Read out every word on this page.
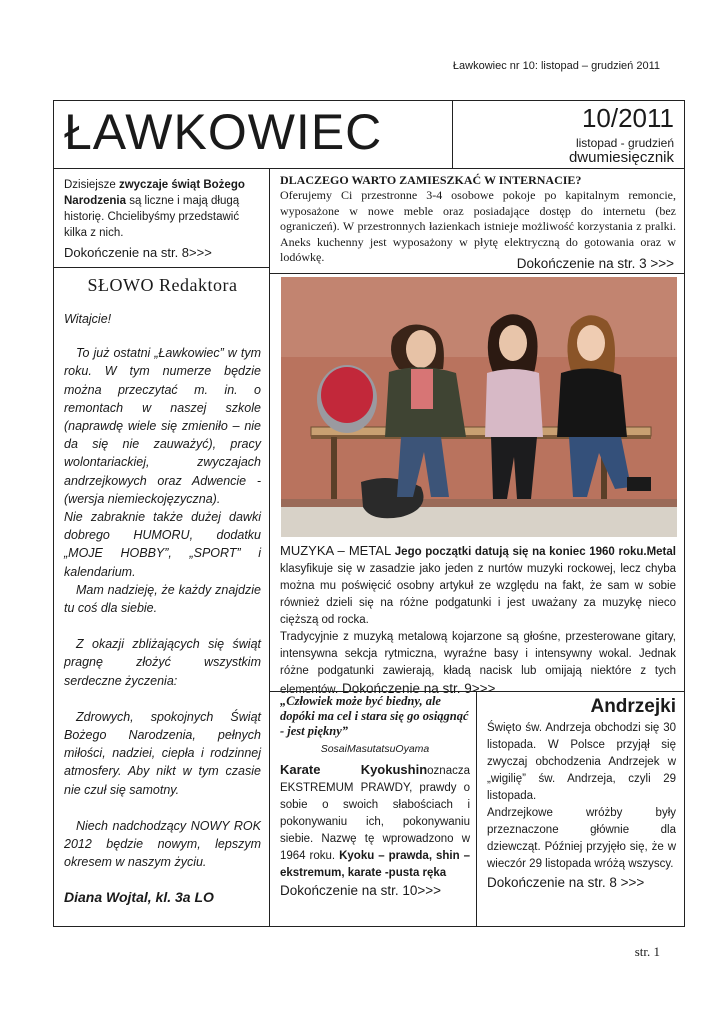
Ławkowiec nr 10: listopad – grudzień 2011
ŁAWKOWIEC	10/2011
listopad - grudzień
dwumiesięcznik
Dzisiejsze zwyczaje świąt Bożego Narodzenia są liczne i mają długą historię. Chcielibyśmy przedstawić kilka z nich.
Dokończenie na str. 8>>>
SŁOWO Redaktora

Witajcie!

To już ostatni „Ławkowiec” w tym roku. W tym numerze będzie można przeczytać m. in. o remontach w naszej szkole (naprawdę wiele się zmieniło – nie da się nie zauważyć), pracy wolontariackiej, zwyczajach andrzejkowych oraz Adwencie - (wersja niemieckojęzyczna).

Nie zabraknie także dużej dawki dobrego HUMORU, dodatku „MOJE HOBBY”, „SPORT” i kalendarium.

Mam nadzieję, że każdy znajdzie tu coś dla siebie.

Z okazji zbliżających się świąt pragnę złożyć wszystkim serdeczne życzenia:

Zdrowych, spokojnych Świąt Bożego Narodzenia, pełnych miłości, nadziei, ciepła i rodzinnej atmosfery. Aby nikt w tym czasie nie czuł się samotny.

Niech nadchodzący NOWY ROK 2012 będzie nowym, lepszym okresem w naszym życiu.

Diana Wojtal, kl. 3a LO
DLACZEGO WARTO ZAMIESZKAĆ W INTERNACIE?

Oferujemy Ci przestronne 3-4 osobowe pokoje po kapitalnym remoncie, wyposażone w nowe meble oraz posiadające dostęp do internetu (bez ograniczeń). W przestronnych łazienkach istnieje możliwość korzystania z pralki. Aneks kuchenny jest wyposażony w płytę elektryczną do gotowania oraz w lodówkę.	Dokończenie na str. 3 >>>
MUZYKA – METAL Jego początki datują się na koniec 1960 roku.Metal klasyfikuje się w zasadzie jako jeden z nurtów muzyki rockowej, lecz chyba można mu poświęcić osobny artykuł ze względu na fakt, że sam w sobie również dzieli się na różne podgatunki i jest uważany za muzykę nieco cięższą od rocka.
Tradycyjnie z muzyką metalową kojarzone są głośne, przesterowane gitary, intensywna sekcja rytmiczna, wyraźne basy i intensywny wokal. Jednak różne podgatunki zawierają, kładą nacisk lub omijają niektóre z tych elementów. Dokończenie na str. 9>>>
„Człowiek może być biedny, ale dopóki ma cel i stara się go osiągnąć - jest piękny”
SosaiMasutatsuOyama
Karate Kyokushinoznacza EKSTREMUM PRAWDY, prawdy o sobie o swoich słabościach i pokonywaniu ich, pokonywaniu siebie. Nazwę tę wprowadzono w 1964 roku. Kyoku – prawda, shin – ekstremum, karate -pusta ręka
Dokończenie na str. 10>>>
Andrzejki

Święto św. Andrzeja obchodzi się 30 listopada. W Polsce przyjął się zwyczaj obchodzenia Andrzejek w „wigilię” św. Andrzeja, czyli 29 listopada.

Andrzejkowe wróżby były przeznaczone głównie dla dziewcząt. Później przyjęło się, że w wieczór 29 listopada wróżą wszyscy.

Dokończenie na str. 8 >>>
str. 1
